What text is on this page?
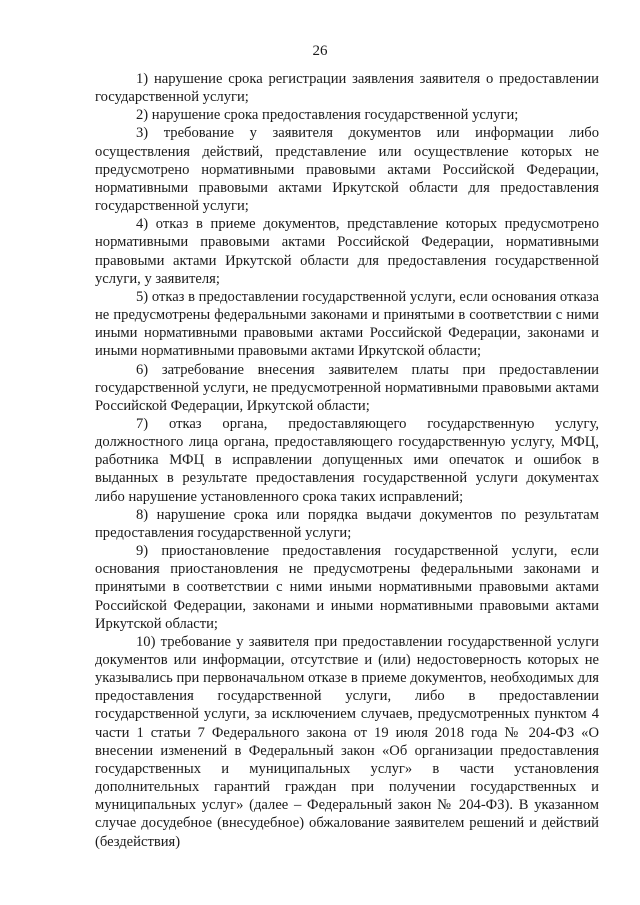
26

1) нарушение срока регистрации заявления заявителя о предоставлении государственной услуги;

2) нарушение срока предоставления государственной услуги;

3) требование у заявителя документов или информации либо осуществления действий, представление или осуществление которых не предусмотрено нормативными правовыми актами Российской Федерации, нормативными правовыми актами Иркутской области для предоставления государственной услуги;

4) отказ в приеме документов, представление которых предусмотрено нормативными правовыми актами Российской Федерации, нормативными правовыми актами Иркутской области для предоставления государственной услуги, у заявителя;

5) отказ в предоставлении государственной услуги, если основания отказа не предусмотрены федеральными законами и принятыми в соответствии с ними иными нормативными правовыми актами Российской Федерации, законами и иными нормативными правовыми актами Иркутской области;

6) затребование внесения заявителем платы при предоставлении государственной услуги, не предусмотренной нормативными правовыми актами Российской Федерации, Иркутской области;

7) отказ органа, предоставляющего государственную услугу, должностного лица органа, предоставляющего государственную услугу, МФЦ, работника МФЦ в исправлении допущенных ими опечаток и ошибок в выданных в результате предоставления государственной услуги документах либо нарушение установленного срока таких исправлений;

8) нарушение срока или порядка выдачи документов по результатам предоставления государственной услуги;

9) приостановление предоставления государственной услуги, если основания приостановления не предусмотрены федеральными законами и принятыми в соответствии с ними иными нормативными правовыми актами Российской Федерации, законами и иными нормативными правовыми актами Иркутской области;

10) требование у заявителя при предоставлении государственной услуги документов или информации, отсутствие и (или) недостоверность которых не указывались при первоначальном отказе в приеме документов, необходимых для предоставления государственной услуги, либо в предоставлении государственной услуги, за исключением случаев, предусмотренных пунктом 4 части 1 статьи 7 Федерального закона от 19 июля 2018 года № 204-ФЗ «О внесении изменений в Федеральный закон «Об организации предоставления государственных и муниципальных услуг» в части установления дополнительных гарантий граждан при получении государственных и муниципальных услуг» (далее – Федеральный закон № 204-ФЗ). В указанном случае досудебное (внесудебное) обжалование заявителем решений и действий (бездействия)
